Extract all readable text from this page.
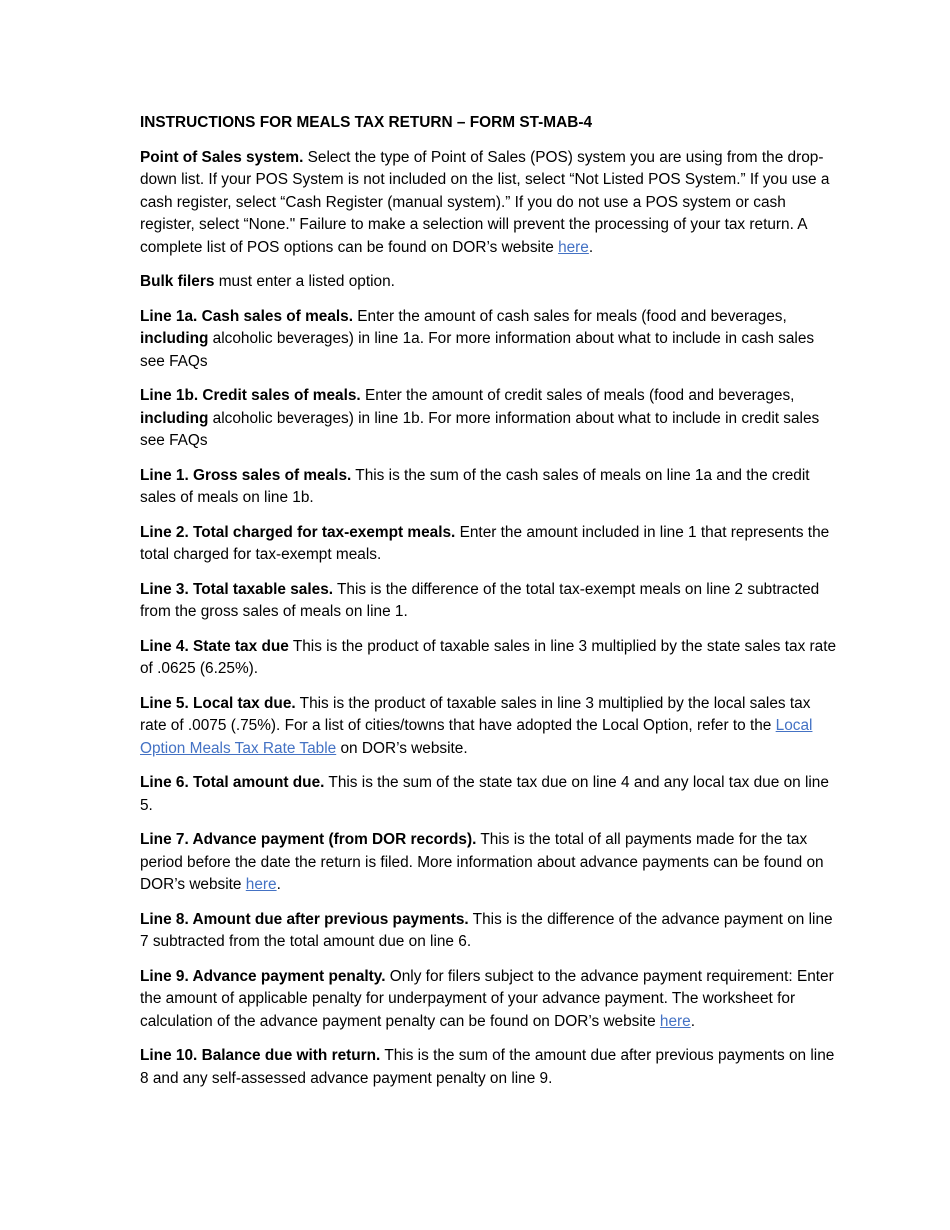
INSTRUCTIONS FOR MEALS TAX RETURN – FORM ST-MAB-4

Point of Sales system. Select the type of Point of Sales (POS) system you are using from the drop-down list. If your POS System is not included on the list, select “Not Listed POS System.” If you use a cash register, select “Cash Register (manual system).” If you do not use a POS system or cash register, select “None." Failure to make a selection will prevent the processing of your tax return. A complete list of POS options can be found on DOR’s website here.

Bulk filers must enter a listed option.

Line 1a. Cash sales of meals. Enter the amount of cash sales for meals (food and beverages, including alcoholic beverages) in line 1a. For more information about what to include in cash sales see FAQs

Line 1b. Credit sales of meals. Enter the amount of credit sales of meals (food and beverages, including alcoholic beverages) in line 1b. For more information about what to include in credit sales see FAQs

Line 1. Gross sales of meals. This is the sum of the cash sales of meals on line 1a and the credit sales of meals on line 1b.

Line 2. Total charged for tax-exempt meals. Enter the amount included in line 1 that represents the total charged for tax-exempt meals.

Line 3. Total taxable sales. This is the difference of the total tax-exempt meals on line 2 subtracted from the gross sales of meals on line 1.

Line 4. State tax due This is the product of taxable sales in line 3 multiplied by the state sales tax rate of .0625 (6.25%).

Line 5. Local tax due. This is the product of taxable sales in line 3 multiplied by the local sales tax rate of .0075 (.75%). For a list of cities/towns that have adopted the Local Option, refer to the Local Option Meals Tax Rate Table on DOR’s website.

Line 6. Total amount due. This is the sum of the state tax due on line 4 and any local tax due on line 5.

Line 7. Advance payment (from DOR records). This is the total of all payments made for the tax period before the date the return is filed. More information about advance payments can be found on DOR’s website here.

Line 8. Amount due after previous payments. This is the difference of the advance payment on line 7 subtracted from the total amount due on line 6.

Line 9. Advance payment penalty. Only for filers subject to the advance payment requirement: Enter the amount of applicable penalty for underpayment of your advance payment. The worksheet for calculation of the advance payment penalty can be found on DOR’s website here.

Line 10. Balance due with return. This is the sum of the amount due after previous payments on line 8 and any self-assessed advance payment penalty on line 9.
